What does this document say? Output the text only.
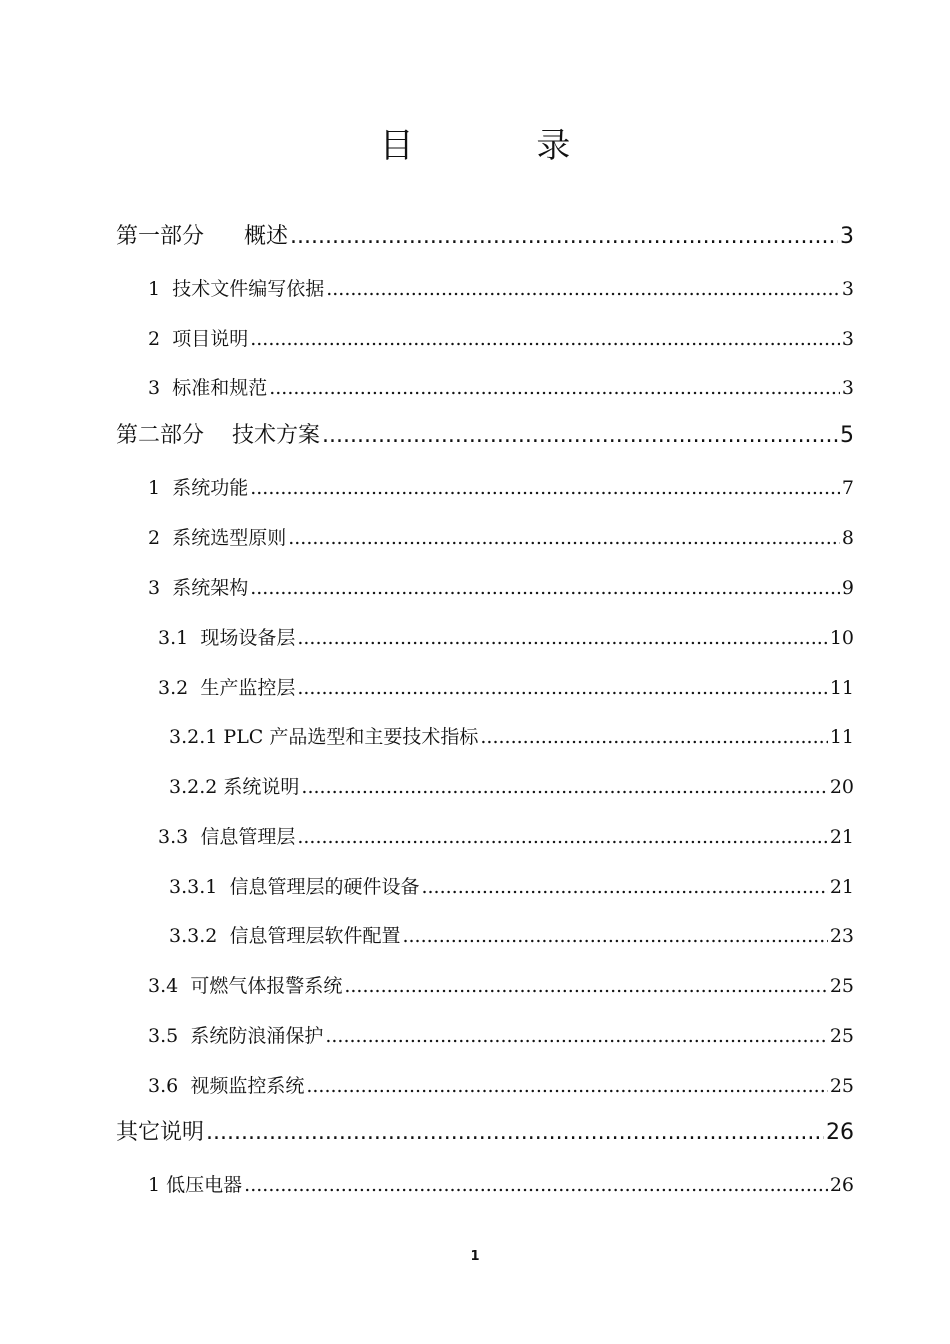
目 录
第一部分 概述 .....	3
1 技术文件编写依据 .....	3
2 项目说明 .....	3
3 标准和规范 .....	3
第二部分 技术方案 .....	5
1 系统功能 .....	7
2 系统选型原则 .....	8
3 系统架构 .....	9
3.1 现场设备层 .....	10
3.2 生产监控层 .....	11
3.2.1 PLC 产品选型和主要技术指标 .....	11
3.2.2 系统说明 .....	20
3.3 信息管理层 .....	21
3.3.1 信息管理层的硬件设备 .....	21
3.3.2 信息管理层软件配置 .....	23
3.4 可燃气体报警系统 .....	25
3.5 系统防浪涌保护 .....	25
3.6 视频监控系统 .....	25
其它说明 .....	26
1 低压电器 .....	26
1
